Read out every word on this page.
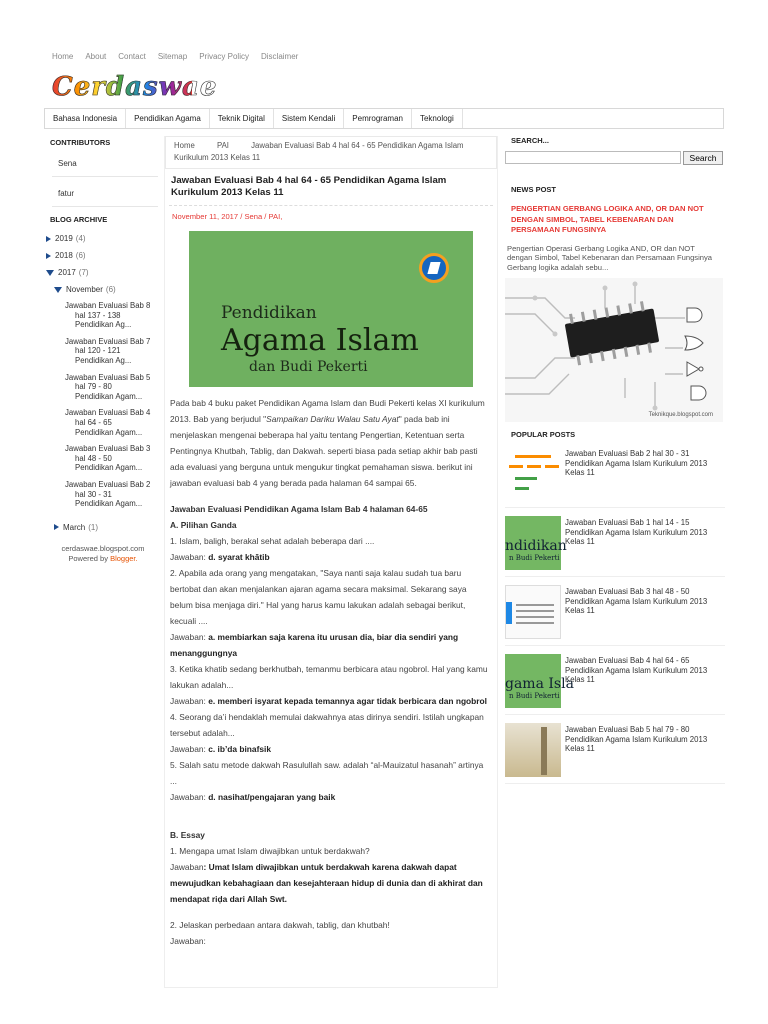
Home About Contact Sitemap Privacy Policy Disclaimer
Cerdaswae
Bahasa Indonesia	Pendidikan Agama	Teknik Digital	Sistem Kendali	Pemrograman	Teknologi
CONTRIBUTORS
Sena
fatur
BLOG ARCHIVE
2019 (4)
2018 (6)
2017 (7)
November (6)
Jawaban Evaluasi Bab 8
hal 137 - 138
Pendidikan Ag...
Jawaban Evaluasi Bab 7
hal 120 - 121
Pendidikan Ag...
Jawaban Evaluasi Bab 5
hal 79 - 80
Pendidikan Agam...
Jawaban Evaluasi Bab 4
hal 64 - 65
Pendidikan Agam...
Jawaban Evaluasi Bab 3
hal 48 - 50
Pendidikan Agam...
Jawaban Evaluasi Bab 2
hal 30 - 31
Pendidikan Agam...
March (1)
cerdaswae.blogspot.com
Powered by Blogger.
Home	PAI	Jawaban Evaluasi Bab 4 hal 64 - 65 Pendidikan Agama Islam Kurikulum 2013 Kelas 11
Jawaban Evaluasi Bab 4 hal 64 - 65 Pendidikan Agama Islam Kurikulum 2013 Kelas 11
November 11, 2017 / Sena / PAI,
Pendidikan
Agama Islam
dan Budi Pekerti

Pada bab 4 buku paket Pendidikan Agama Islam dan Budi Pekerti kelas XI kurikulum 2013. Bab yang berjudul "Sampaikan Dariku Walau Satu Ayat" pada bab ini menjelaskan mengenai beberapa hal yaitu tentang Pengertian, Ketentuan serta Pentingnya Khutbah, Tablig, dan Dakwah. seperti biasa pada setiap akhir bab pasti ada evaluasi yang berguna untuk mengukur tingkat pemahaman siswa. berikut ini jawaban evaluasi bab 4 yang berada pada halaman 64 sampai 65.

Jawaban Evaluasi Pendidikan Agama Islam Bab 4 halaman 64-65

A. Pilihan Ganda

1. Islam, baligh, berakal sehat adalah beberapa dari ....

Jawaban: d. syarat khātib

2. Apabila ada orang yang mengatakan, "Saya nanti saja kalau sudah tua baru bertobat dan akan menjalankan ajaran agama secara maksimal. Sekarang saya belum bisa menjaga diri." Hal yang harus kamu lakukan adalah sebagai berikut, kecuali ....

Jawaban: a. membiarkan saja karena itu urusan dia, biar dia sendiri yang menanggungnya

3. Ketika khatib sedang berkhutbah, temanmu berbicara atau ngobrol. Hal yang kamu lakukan adalah...

Jawaban: e. memberi isyarat kepada temannya agar tidak berbicara dan ngobrol

4. Seorang da’i hendaklah memulai dakwahnya atas dirinya sendiri. Istilah ungkapan tersebut adalah...

Jawaban: c. ib’da binafsik

5. Salah satu metode dakwah Rasulullah saw. adalah “al-Mauizatul hasanah” artinya ...

Jawaban: d. nasihat/pengajaran yang baik

B. Essay

1. Mengapa umat Islam diwajibkan untuk berdakwah?

Jawaban: Umat Islam diwajibkan untuk berdakwah karena dakwah dapat mewujudkan kebahagiaan dan kesejahteraan hidup di dunia dan di akhirat dan mendapat riḍa dari Allah Swt.

2. Jelaskan perbedaan antara dakwah, tablig, dan khutbah!

Jawaban:

SEARCH...
Search
NEWS POST
PENGERTIAN GERBANG LOGIKA AND, OR DAN NOT DENGAN SIMBOL, TABEL KEBENARAN DAN PERSAMAAN FUNGSINYA
Pengertian Operasi Gerbang Logika AND, OR dan NOT dengan Simbol, Tabel Kebenaran dan Persamaan Fungsinya Gerbang logika adalah sebu...
Teknikque.blogspot.com
POPULAR POSTS
Jawaban Evaluasi Bab 2 hal 30 - 31 Pendidikan Agama Islam Kurikulum 2013 Kelas 11
ndidikan
n Budi Pekerti
Jawaban Evaluasi Bab 1 hal 14 - 15 Pendidikan Agama Islam Kurikulum 2013 Kelas 11
Jawaban Evaluasi Bab 3 hal 48 - 50 Pendidikan Agama Islam Kurikulum 2013 Kelas 11
gama Isla
n Budi Pekerti
Jawaban Evaluasi Bab 4 hal 64 - 65 Pendidikan Agama Islam Kurikulum 2013 Kelas 11
Jawaban Evaluasi Bab 5 hal 79 - 80 Pendidikan Agama Islam Kurikulum 2013 Kelas 11
